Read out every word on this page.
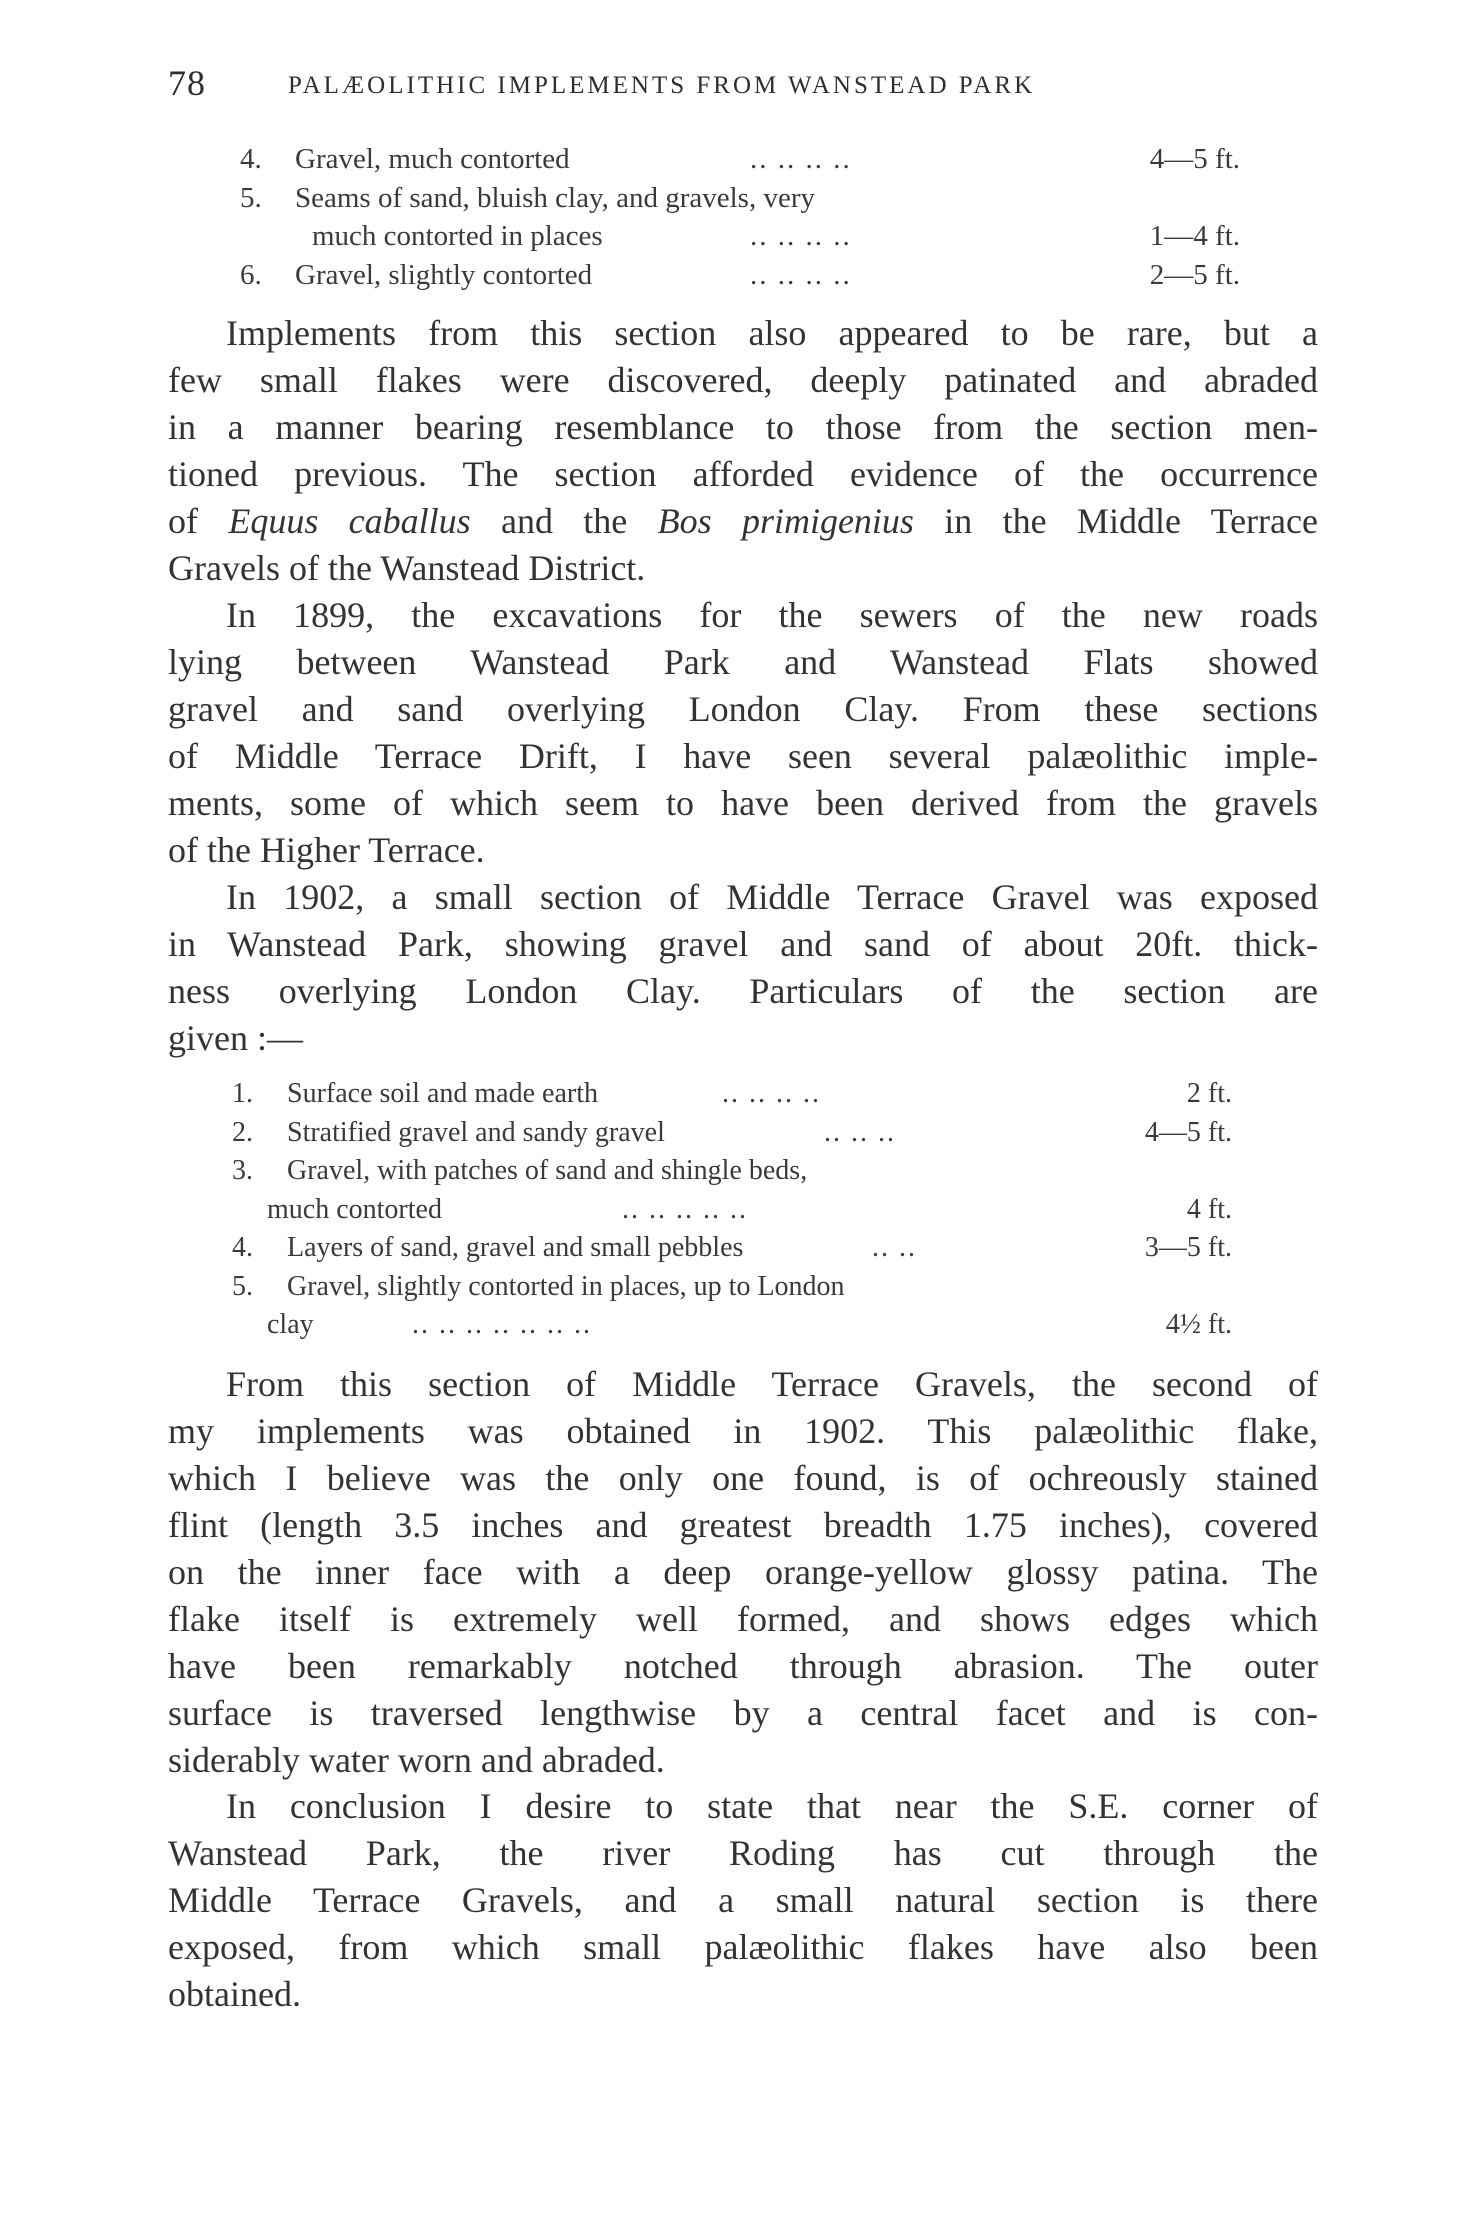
78	PALÆOLITHIC IMPLEMENTS FROM WANSTEAD PARK
4. Gravel, much contorted	.. .. .. ..	4—5 ft.
5. Seams of sand, bluish clay, and gravels, very
much contorted in places	.. .. .. ..	1—4 ft.
6. Gravel, slightly contorted	.. .. .. ..	2—5 ft.
Implements from this section also appeared to be rare, but a
few small flakes were discovered, deeply patinated and abraded
in a manner bearing resemblance to those from the section men-
tioned previous. The section afforded evidence of the occurrence
of Equus caballus and the Bos primigenius in the Middle Terrace
Gravels of the Wanstead District.
In 1899, the excavations for the sewers of the new roads
lying between Wanstead Park and Wanstead Flats showed
gravel and sand overlying London Clay. From these sections
of Middle Terrace Drift, I have seen several palæolithic imple-
ments, some of which seem to have been derived from the gravels
of the Higher Terrace.
In 1902, a small section of Middle Terrace Gravel was exposed
in Wanstead Park, showing gravel and sand of about 20ft. thick-
ness overlying London Clay. Particulars of the section are
given :—
1. Surface soil and made earth	.. .. .. ..	2 ft.
2. Stratified gravel and sandy gravel	.. .. ..	4—5 ft.
3. Gravel, with patches of sand and shingle beds,
much contorted	.. .. .. .. ..	4 ft.
4. Layers of sand, gravel and small pebbles	.. ..	3—5 ft.
5. Gravel, slightly contorted in places, up to London
clay	.. .. .. .. .. .. ..	4½ ft.
From this section of Middle Terrace Gravels, the second of
my implements was obtained in 1902. This palæolithic flake,
which I believe was the only one found, is of ochreously stained
flint (length 3.5 inches and greatest breadth 1.75 inches), covered
on the inner face with a deep orange-yellow glossy patina. The
flake itself is extremely well formed, and shows edges which
have been remarkably notched through abrasion. The outer
surface is traversed lengthwise by a central facet and is con-
siderably water worn and abraded.
In conclusion I desire to state that near the S.E. corner of
Wanstead Park, the river Roding has cut through the
Middle Terrace Gravels, and a small natural section is there
exposed, from which small palæolithic flakes have also been
obtained.
